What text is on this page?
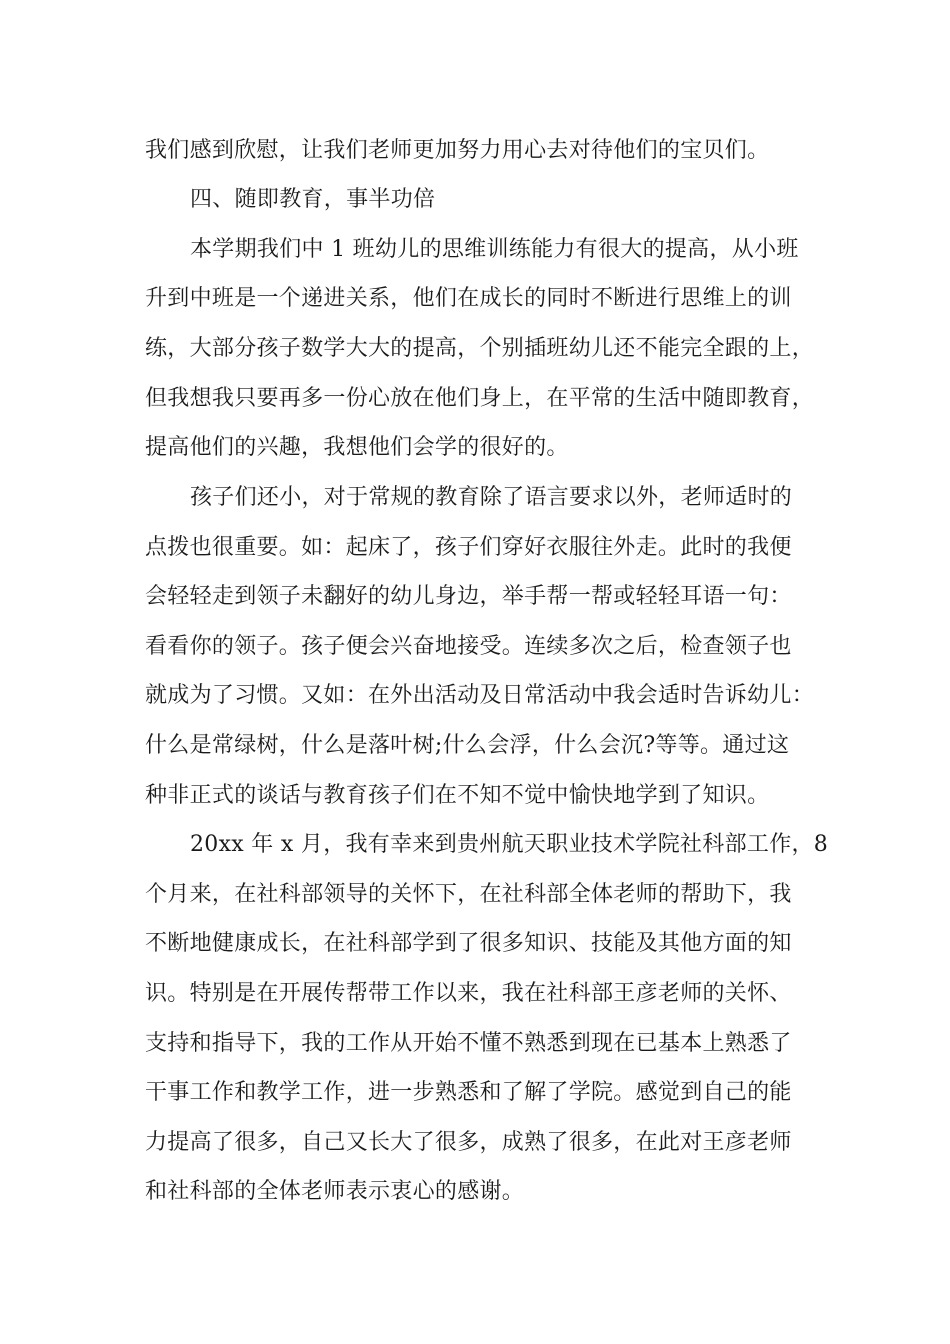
我们感到欣慰，让我们老师更加努力用心去对待他们的宝贝们。
四、随即教育，事半功倍
本学期我们中 1 班幼儿的思维训练能力有很大的提高，从小班
升到中班是一个递进关系，他们在成长的同时不断进行思维上的训
练，大部分孩子数学大大的提高，个别插班幼儿还不能完全跟的上，
但我想我只要再多一份心放在他们身上，在平常的生活中随即教育，
提高他们的兴趣，我想他们会学的很好的。
孩子们还小，对于常规的教育除了语言要求以外，老师适时的
点拨也很重要。如：起床了，孩子们穿好衣服往外走。此时的我便
会轻轻走到领子未翻好的幼儿身边，举手帮一帮或轻轻耳语一句：
看看你的领子。孩子便会兴奋地接受。连续多次之后，检查领子也
就成为了习惯。又如：在外出活动及日常活动中我会适时告诉幼儿：
什么是常绿树，什么是落叶树;什么会浮，什么会沉?等等。通过这
种非正式的谈话与教育孩子们在不知不觉中愉快地学到了知识。
20xx 年 x 月，我有幸来到贵州航天职业技术学院社科部工作，8
个月来，在社科部领导的关怀下，在社科部全体老师的帮助下，我
不断地健康成长，在社科部学到了很多知识、技能及其他方面的知
识。特别是在开展传帮带工作以来，我在社科部王彦老师的关怀、
支持和指导下，我的工作从开始不懂不熟悉到现在已基本上熟悉了
干事工作和教学工作，进一步熟悉和了解了学院。感觉到自己的能
力提高了很多，自己又长大了很多，成熟了很多，在此对王彦老师
和社科部的全体老师表示衷心的感谢。
